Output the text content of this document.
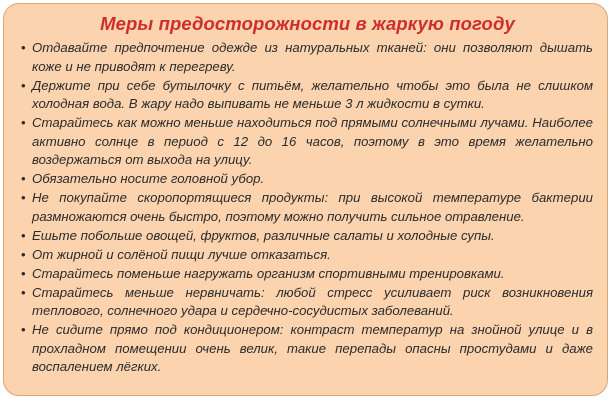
Меры предосторожности в жаркую погоду
• Отдавайте предпочтение одежде из натуральных тканей: они позволяют дышать коже и не приводят к перегреву.
• Держите при себе бутылочку с питьём, желательно чтобы это была не слишком холодная вода. В жару надо выпивать не меньше 3 л жидкости в сутки.
• Старайтесь как можно меньше находиться под прямыми солнечными лучами. Наиболее активно солнце в период с 12 до 16 часов, поэтому в это время желательно воздержаться от выхода на улицу.
• Обязательно носите головной убор.
• Не покупайте скоропортящиеся продукты: при высокой температуре бактерии размножаются очень быстро, поэтому можно получить сильное отравление.
• Ешьте побольше овощей, фруктов, различные салаты и холодные супы.
• От жирной и солёной пищи лучше отказаться.
• Старайтесь поменьше нагружать организм спортивными тренировками.
• Старайтесь меньше нервничать: любой стресс усиливает риск возникновения теплового, солнечного удара и сердечно-сосудистых заболеваний.
• Не сидите прямо под кондиционером: контраст температур на знойной улице и в прохладном помещении очень велик, такие перепады опасны простудами и даже воспалением лёгких.
